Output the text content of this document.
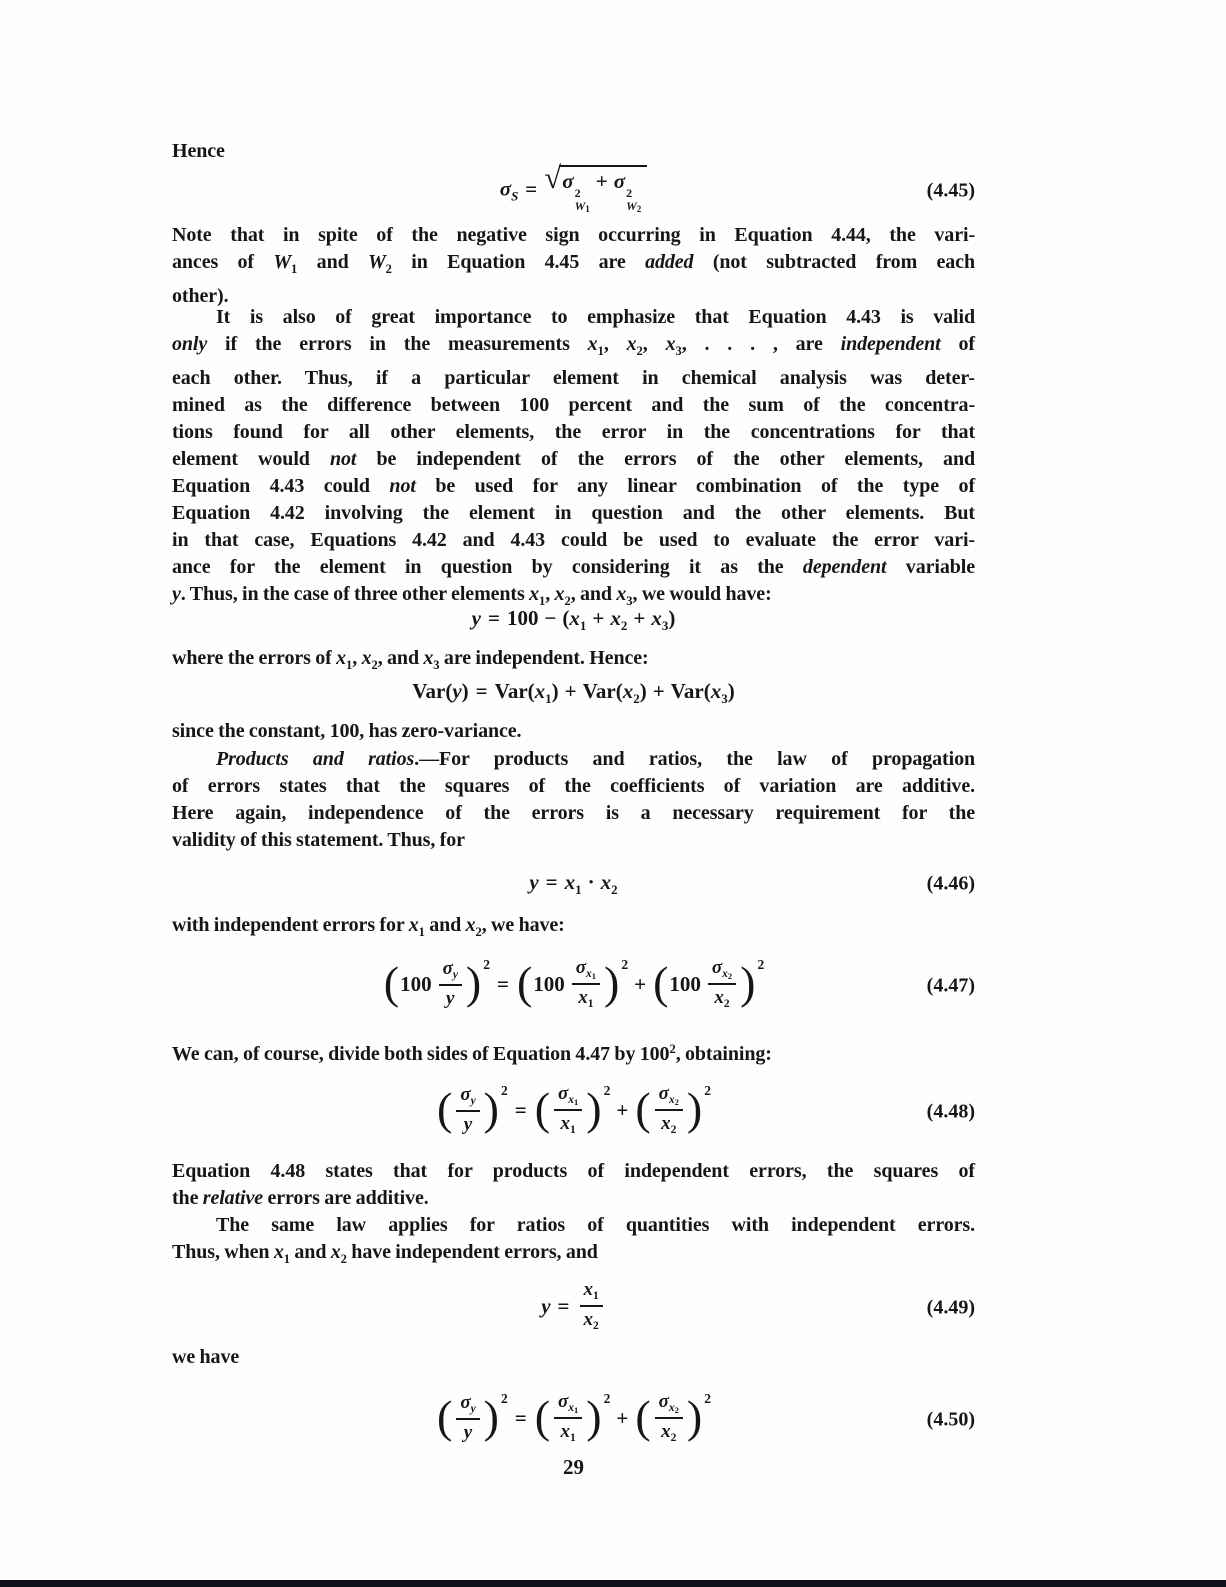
Hence
$\sigma_S$ = √ σ 2
W1
+ σ 2
W2
(4.45)
Note that in spite of the negative sign occurring in Equation 4.44, the vari-
ances of $W_1$ and $W_2$ in Equation 4.45 are added (not subtracted from each
other).
It is also of great importance to emphasize that Equation 4.43 is valid
only if the errors in the measurements $x_1$, $x_2$, $x_3$, . . . , are independent of
each other. Thus, if a particular element in chemical analysis was deter-
mined as the difference between 100 percent and the sum of the concentra-
tions found for all other elements, the error in the concentrations for that
element would not be independent of the errors of the other elements, and
Equation 4.43 could not be used for any linear combination of the type of
Equation 4.42 involving the element in question and the other elements. But
in that case, Equations 4.42 and 4.43 could be used to evaluate the error vari-
ance for the element in question by considering it as the dependent variable
y. Thus, in the case of three other elements $x_1$, $x_2$, and $x_3$, we would have:
$y = 100 - (x_1 + x_2 + x_3)$
where the errors of $x_1$, $x_2$, and $x_3$ are independent. Hence:
$Var(y) = Var(x_1) + Var(x_2) + Var(x_3)$
since the constant, 100, has zero-variance.
Products and ratios.—For products and ratios, the law of propagation
of errors states that the squares of the coefficients of variation are additive.
Here again, independence of the errors is a necessary requirement for the
validity of this statement. Thus, for
$y = x_1 \cdot x_2$	(4.46)
with independent errors for $x_1$ and $x_2$, we have:
($100 \frac{\sigma_y}{y}$ ) $^2= (100 \frac{\sigma_{x1}}{x_1}$ ) $^2+ (100 \frac{\sigma_{x2}}{x_2}$ ) $^2$
(4.47)
We can, of course, divide both sides of Equation 4.47 by $100^2$, obtaining:
( $\frac{\sigma_y}{y}$ ) $^2$= ( $\frac{\sigma_{x1}}{x_1}$ ) $^2$+ ( $\frac{\sigma_{x2}}{x_2}$ ) $^2$
(4.48)
Equation 4.48 states that for products of independent errors, the squares of
the relative errors are additive.
The same law applies for ratios of quantities with independent errors.
Thus, when $x_1$ and $x_2$ have independent errors, and
$y = \frac{x_1}{x_2}$	(4.49)
we have
( $\frac{\sigma_y}{y}$ ) $^2$= ( $\frac{\sigma_{x1}}{x_1}$ ) $^2$+ ( $\frac{\sigma_{x2}}{x_2}$ ) $^2$
(4.50)
29
